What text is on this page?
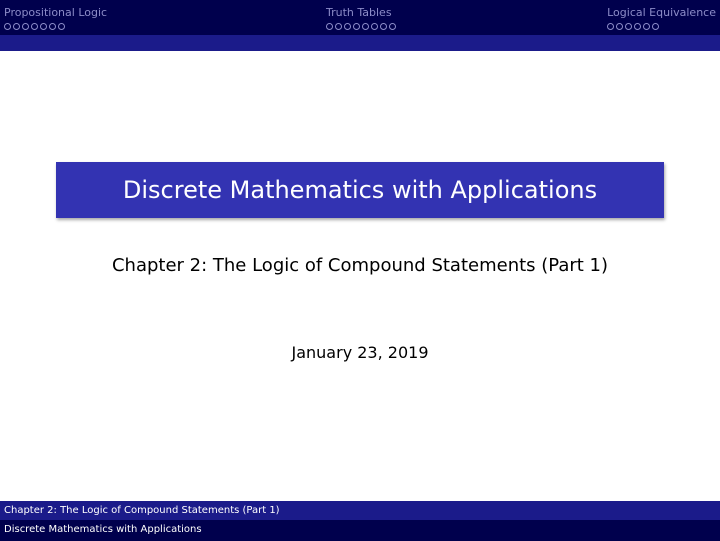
Propositional Logic	Truth Tables	Logical Equivalence
Discrete Mathematics with Applications
Chapter 2: The Logic of Compound Statements (Part 1)
January 23, 2019
Chapter 2: The Logic of Compound Statements (Part 1)
Discrete Mathematics with Applications
